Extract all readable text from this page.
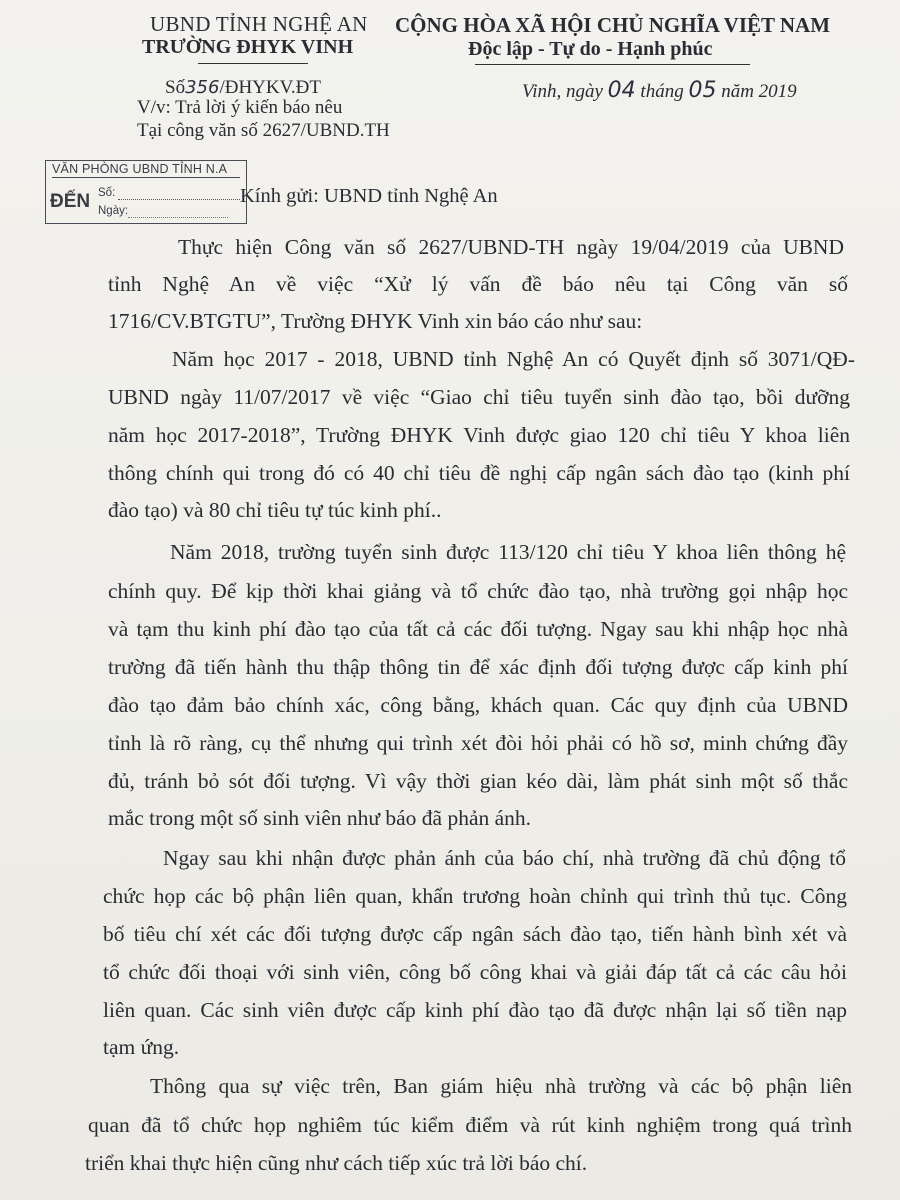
UBND TỈNH NGHỆ AN
TRƯỜNG ĐHYK VINH
CỘNG HÒA XÃ HỘI CHỦ NGHĨA VIỆT NAM
Độc lập - Tự do - Hạnh phúc
Số356/ĐHYKV.ĐT
V/v: Trả lời ý kiến báo nêu
Tại công văn số 2627/UBND.TH
Vinh, ngày 04 tháng 05 năm 2019
VĂN PHÒNG UBND TỈNH N.A
ĐẾN Số:
Ngày:
Kính gửi: UBND tỉnh Nghệ An
Thực hiện Công văn số 2627/UBND-TH ngày 19/04/2019 của UBND
tỉnh Nghệ An về việc “Xử lý vấn đề báo nêu tại Công văn số
1716/CV.BTGTU”, Trường ĐHYK Vinh xin báo cáo như sau:
Năm học 2017 - 2018, UBND tỉnh Nghệ An có Quyết định số 3071/QĐ-
UBND ngày 11/07/2017 về việc “Giao chỉ tiêu tuyển sinh đào tạo, bồi dưỡng
năm học 2017-2018”, Trường ĐHYK Vinh được giao 120 chỉ tiêu Y khoa liên
thông chính qui trong đó có 40 chỉ tiêu đề nghị cấp ngân sách đào tạo (kinh phí
đào tạo) và 80 chỉ tiêu tự túc kinh phí..
Năm 2018, trường tuyển sinh được 113/120 chỉ tiêu Y khoa liên thông hệ
chính quy. Để kịp thời khai giảng và tổ chức đào tạo, nhà trường gọi nhập học
và tạm thu kinh phí đào tạo của tất cả các đối tượng. Ngay sau khi nhập học nhà
trường đã tiến hành thu thập thông tin để xác định đối tượng được cấp kinh phí
đào tạo đảm bảo chính xác, công bằng, khách quan. Các quy định của UBND
tỉnh là rõ ràng, cụ thể nhưng qui trình xét đòi hỏi phải có hồ sơ, minh chứng đầy
đủ, tránh bỏ sót đối tượng. Vì vậy thời gian kéo dài, làm phát sinh một số thắc
mắc trong một số sinh viên như báo đã phản ánh.
Ngay sau khi nhận được phản ánh của báo chí, nhà trường đã chủ động tổ
chức họp các bộ phận liên quan, khẩn trương hoàn chỉnh qui trình thủ tục. Công
bố tiêu chí xét các đối tượng được cấp ngân sách đào tạo, tiến hành bình xét và
tổ chức đối thoại với sinh viên, công bố công khai và giải đáp tất cả các câu hỏi
liên quan. Các sinh viên được cấp kinh phí đào tạo đã được nhận lại số tiền nạp
tạm ứng.
Thông qua sự việc trên, Ban giám hiệu nhà trường và các bộ phận liên
quan đã tổ chức họp nghiêm túc kiểm điểm và rút kinh nghiệm trong quá trình
triển khai thực hiện cũng như cách tiếp xúc trả lời báo chí.
